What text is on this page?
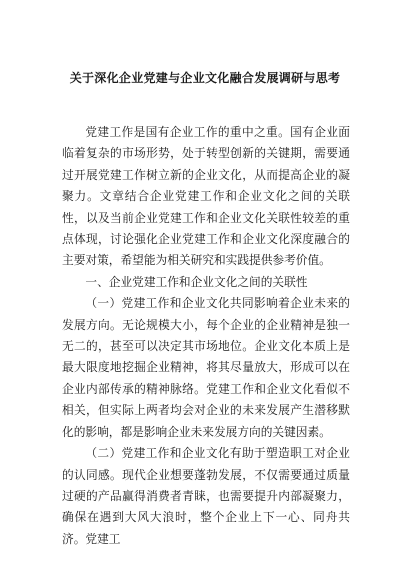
关于深化企业党建与企业文化融合发展调研与思考

党建工作是国有企业工作的重中之重。国有企业面临着复杂的市场形势，处于转型创新的关键期，需要通过开展党建工作树立新的企业文化，从而提高企业的凝聚力。文章结合企业党建工作和企业文化之间的关联性，以及当前企业党建工作和企业文化关联性较差的重点体现，讨论强化企业党建工作和企业文化深度融合的主要对策，希望能为相关研究和实践提供参考价值。

一、企业党建工作和企业文化之间的关联性

（一）党建工作和企业文化共同影响着企业未来的发展方向。无论规模大小，每个企业的企业精神是独一无二的，甚至可以决定其市场地位。企业文化本质上是最大限度地挖掘企业精神，将其尽量放大，形成可以在企业内部传承的精神脉络。党建工作和企业文化看似不相关，但实际上两者均会对企业的未来发展产生潜移默化的影响，都是影响企业未来发展方向的关键因素。

（二）党建工作和企业文化有助于塑造职工对企业的认同感。现代企业想要蓬勃发展，不仅需要通过质量过硬的产品赢得消费者青睐，也需要提升内部凝聚力，确保在遇到大风大浪时，整个企业上下一心、同舟共济。党建工
